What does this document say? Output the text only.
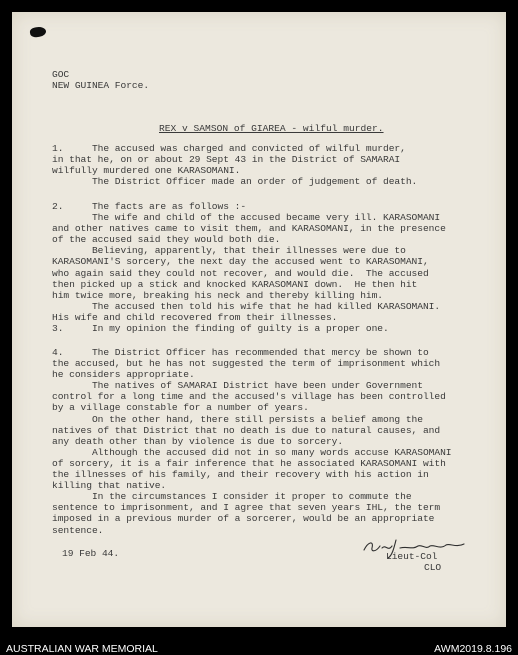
GOC
NEW GUINEA Force.
REX v SAMSON of GIAREA - wilful murder.
1.     The accused was charged and convicted of wilful murder,
in that he, on or about 29 Sept 43 in the District of SAMARAI
wilfully murdered one KARASOMANI.
The District Officer made an order of judgement of death.
2.     The facts are as follows :-
The wife and child of the accused became very ill. KARASOMANI
and other natives came to visit them, and KARASOMANI, in the presence
of the accused said they would both die.
Believing, apparently, that their illnesses were due to
KARASOMANI'S sorcery, the next day the accused went to KARASOMANI,
who again said they could not recover, and would die.  The accused
then picked up a stick and knocked KARASOMANI down.  He then hit
him twice more, breaking his neck and thereby killing him.
The accused then told his wife that he had killed KARASOMANI.
His wife and child recovered from their illnesses.
3.     In my opinion the finding of guilty is a proper one.
4.     The District Officer has recommended that mercy be shown to
the accused, but he has not suggested the term of imprisonment which
he considers appropriate.
The natives of SAMARAI District have been under Government
control for a long time and the accused's village has been controlled
by a village constable for a number of years.
On the other hand, there still persists a belief among the
natives of that District that no death is due to natural causes, and
any death other than by violence is due to sorcery.
Although the accused did not in so many words accuse KARASOMANI
of sorcery, it is a fair inference that he associated KARASOMANI with
the illnesses of his family, and their recovery with his action in
killing that native.
In the circumstances I consider it proper to commute the
sentence to imprisonment, and I agree that seven years IHL, the term
imposed in a previous murder of a sorcerer, would be an appropriate
sentence.
Lieut-Col
CLO
19 Feb 44.
AUSTRALIAN WAR MEMORIAL	AWM2019.8.196
